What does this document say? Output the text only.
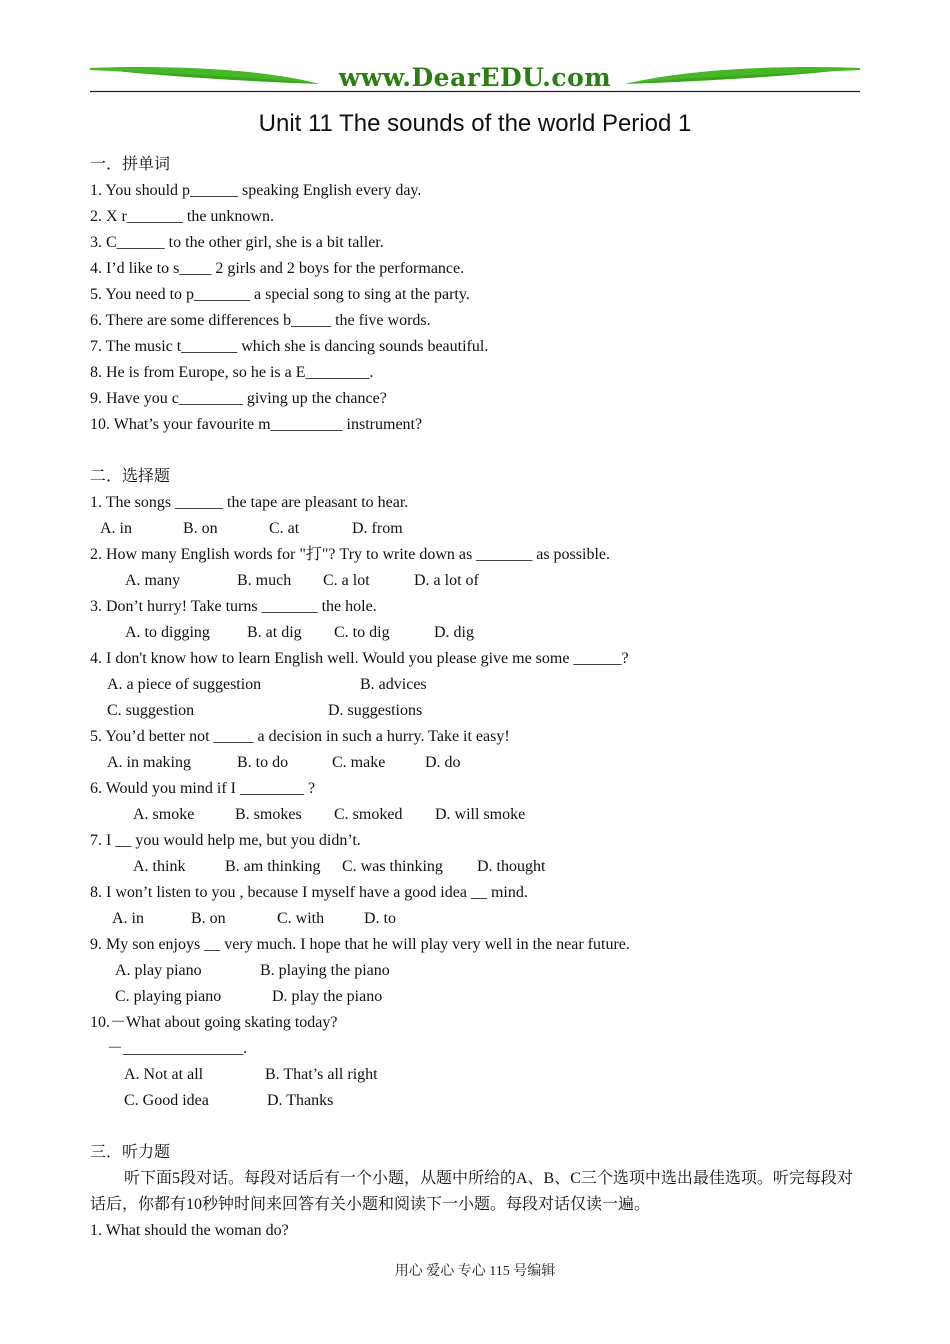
www.DearEDU.com
Unit 11 The sounds of the world Period 1
一．拼单词
1. You should p______ speaking English every day.
2. X r_______ the unknown.
3. C______ to the other girl, she is a bit taller.
4. I’d like to s____ 2 girls and 2 boys for the performance.
5. You need to p_______ a special song to sing at the party.
6. There are some differences b_____ the five words.
7. The music t_______ which she is dancing sounds beautiful.
8. He is from Europe, so he is a E________.
9. Have you c________ giving up the chance?
10. What’s your favourite m_________ instrument?
二．选择题
1. The songs ______ the tape are pleasant to hear.
A. in	B. on	C. at	D. from
2. How many English words for "打"? Try to write down as _______ as possible.
A. many	B. much C. a lot	D. a lot of
3. Don’t hurry! Take turns _______ the hole.
A. to digging B. at dig C. to dig	D. dig
4. I don't know how to learn English well. Would you please give me some ______?
A. a piece of suggestion	B. advices
C. suggestion	D. suggestions
5. You’d better not _____ a decision in such a hurry. Take it easy!
A. in making	B. to do	C. make D. do
6. Would you mind if I ________ ?
A. smoke	B. smokes C. smoked D. will smoke
7. I __ you would help me, but you didn’t.
A. think B. am thinking C. was thinking D. thought
8. I won’t listen to you , because I myself have a good idea __ mind.
A. in	B. on	C. with D. to
9. My son enjoys __ very much. I hope that he will play very well in the near future.
A. play piano	B. playing the piano
C. playing piano	D. play the piano
10.－What about going skating today?
－_______________.
A. Not at all	B. That’s all right
C. Good idea	D. Thanks
三．听力题
听下面5段对话。每段对话后有一个小题，从题中所给的A、B、C三个选项中选出最佳选项。听完每段对话后，你都有10秒钟时间来回答有关小题和阅读下一小题。每段对话仅读一遍。
1. What should the woman do?
用心 爱心 专心 115 号编辑
